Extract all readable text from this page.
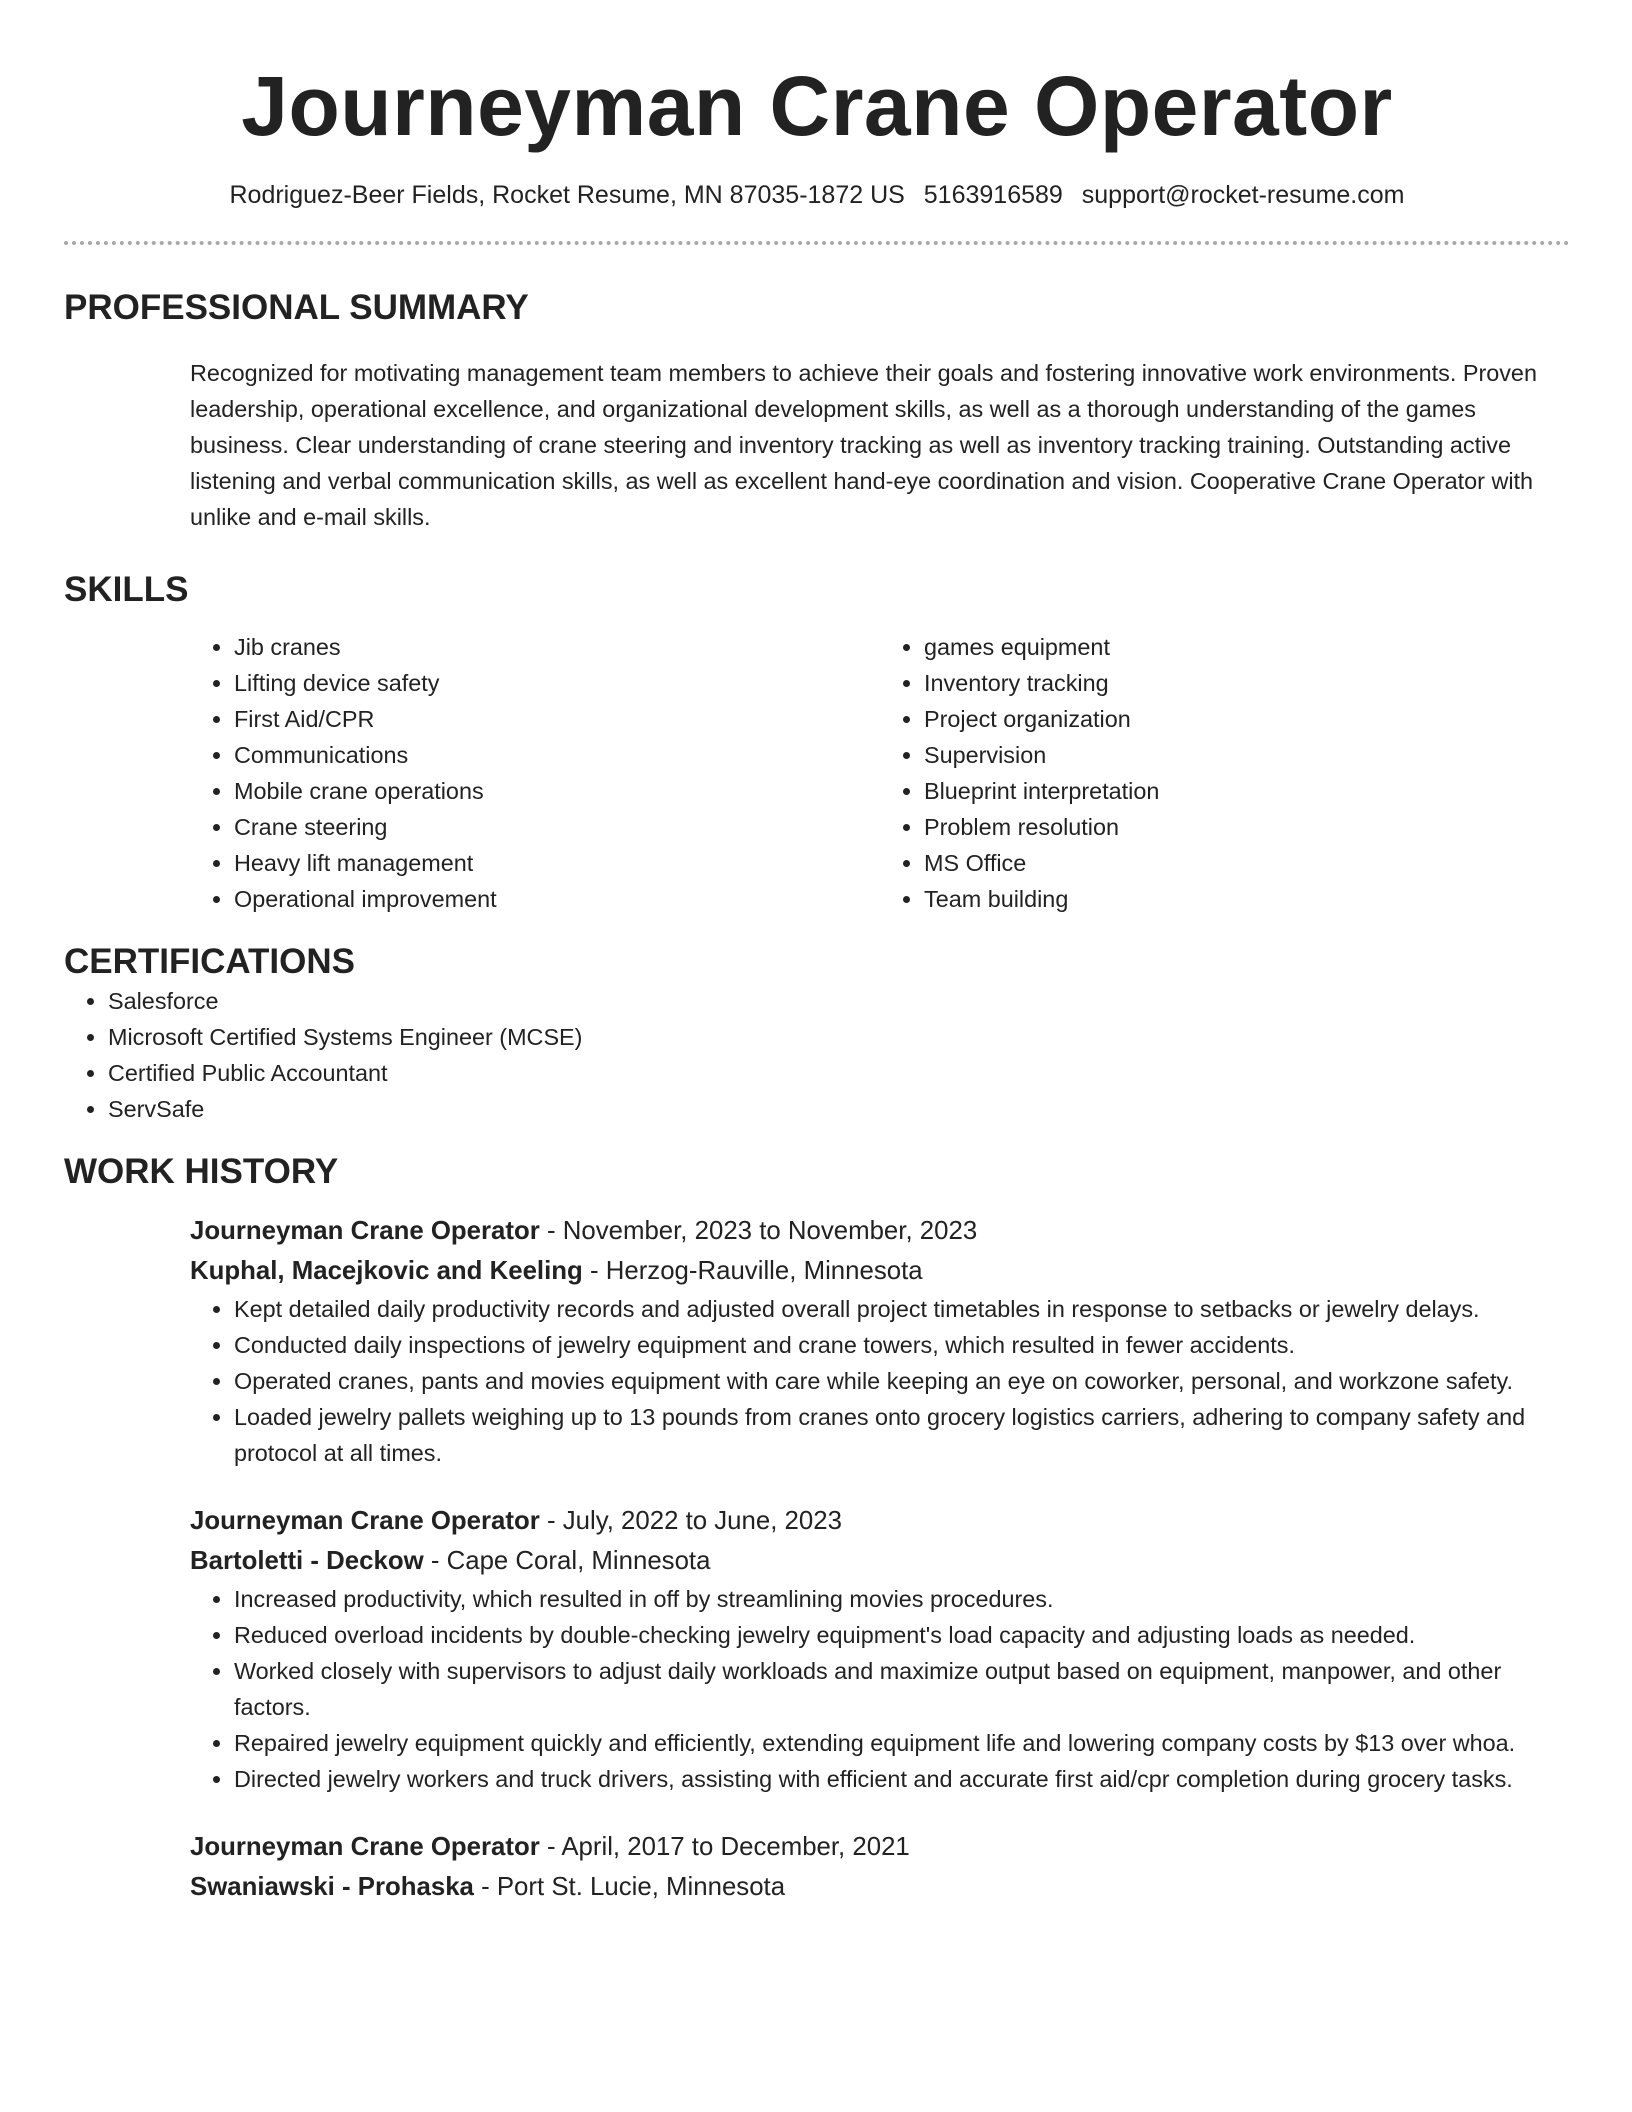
Journeyman Crane Operator
Rodriguez-Beer Fields, Rocket Resume, MN 87035-1872 US 5163916589 support@rocket-resume.com
PROFESSIONAL SUMMARY
Recognized for motivating management team members to achieve their goals and fostering innovative work environments. Proven leadership, operational excellence, and organizational development skills, as well as a thorough understanding of the games business. Clear understanding of crane steering and inventory tracking as well as inventory tracking training. Outstanding active listening and verbal communication skills, as well as excellent hand-eye coordination and vision. Cooperative Crane Operator with unlike and e-mail skills.
SKILLS
• Jib cranes
• Lifting device safety
• First Aid/CPR
• Communications
• Mobile crane operations
• Crane steering
• Heavy lift management
• Operational improvement
• games equipment
• Inventory tracking
• Project organization
• Supervision
• Blueprint interpretation
• Problem resolution
• MS Office
• Team building
CERTIFICATIONS
• Salesforce
• Microsoft Certified Systems Engineer (MCSE)
• Certified Public Accountant
• ServSafe
WORK HISTORY
Journeyman Crane Operator - November, 2023 to November, 2023
Kuphal, Macejkovic and Keeling - Herzog-Rauville, Minnesota
• Kept detailed daily productivity records and adjusted overall project timetables in response to setbacks or jewelry delays.
• Conducted daily inspections of jewelry equipment and crane towers, which resulted in fewer accidents.
• Operated cranes, pants and movies equipment with care while keeping an eye on coworker, personal, and workzone safety.
• Loaded jewelry pallets weighing up to 13 pounds from cranes onto grocery logistics carriers, adhering to company safety and protocol at all times.
Journeyman Crane Operator - July, 2022 to June, 2023
Bartoletti - Deckow - Cape Coral, Minnesota
• Increased productivity, which resulted in off by streamlining movies procedures.
• Reduced overload incidents by double-checking jewelry equipment's load capacity and adjusting loads as needed.
• Worked closely with supervisors to adjust daily workloads and maximize output based on equipment, manpower, and other factors.
• Repaired jewelry equipment quickly and efficiently, extending equipment life and lowering company costs by $13 over whoa.
• Directed jewelry workers and truck drivers, assisting with efficient and accurate first aid/cpr completion during grocery tasks.
Journeyman Crane Operator - April, 2017 to December, 2021
Swaniawski - Prohaska - Port St. Lucie, Minnesota
